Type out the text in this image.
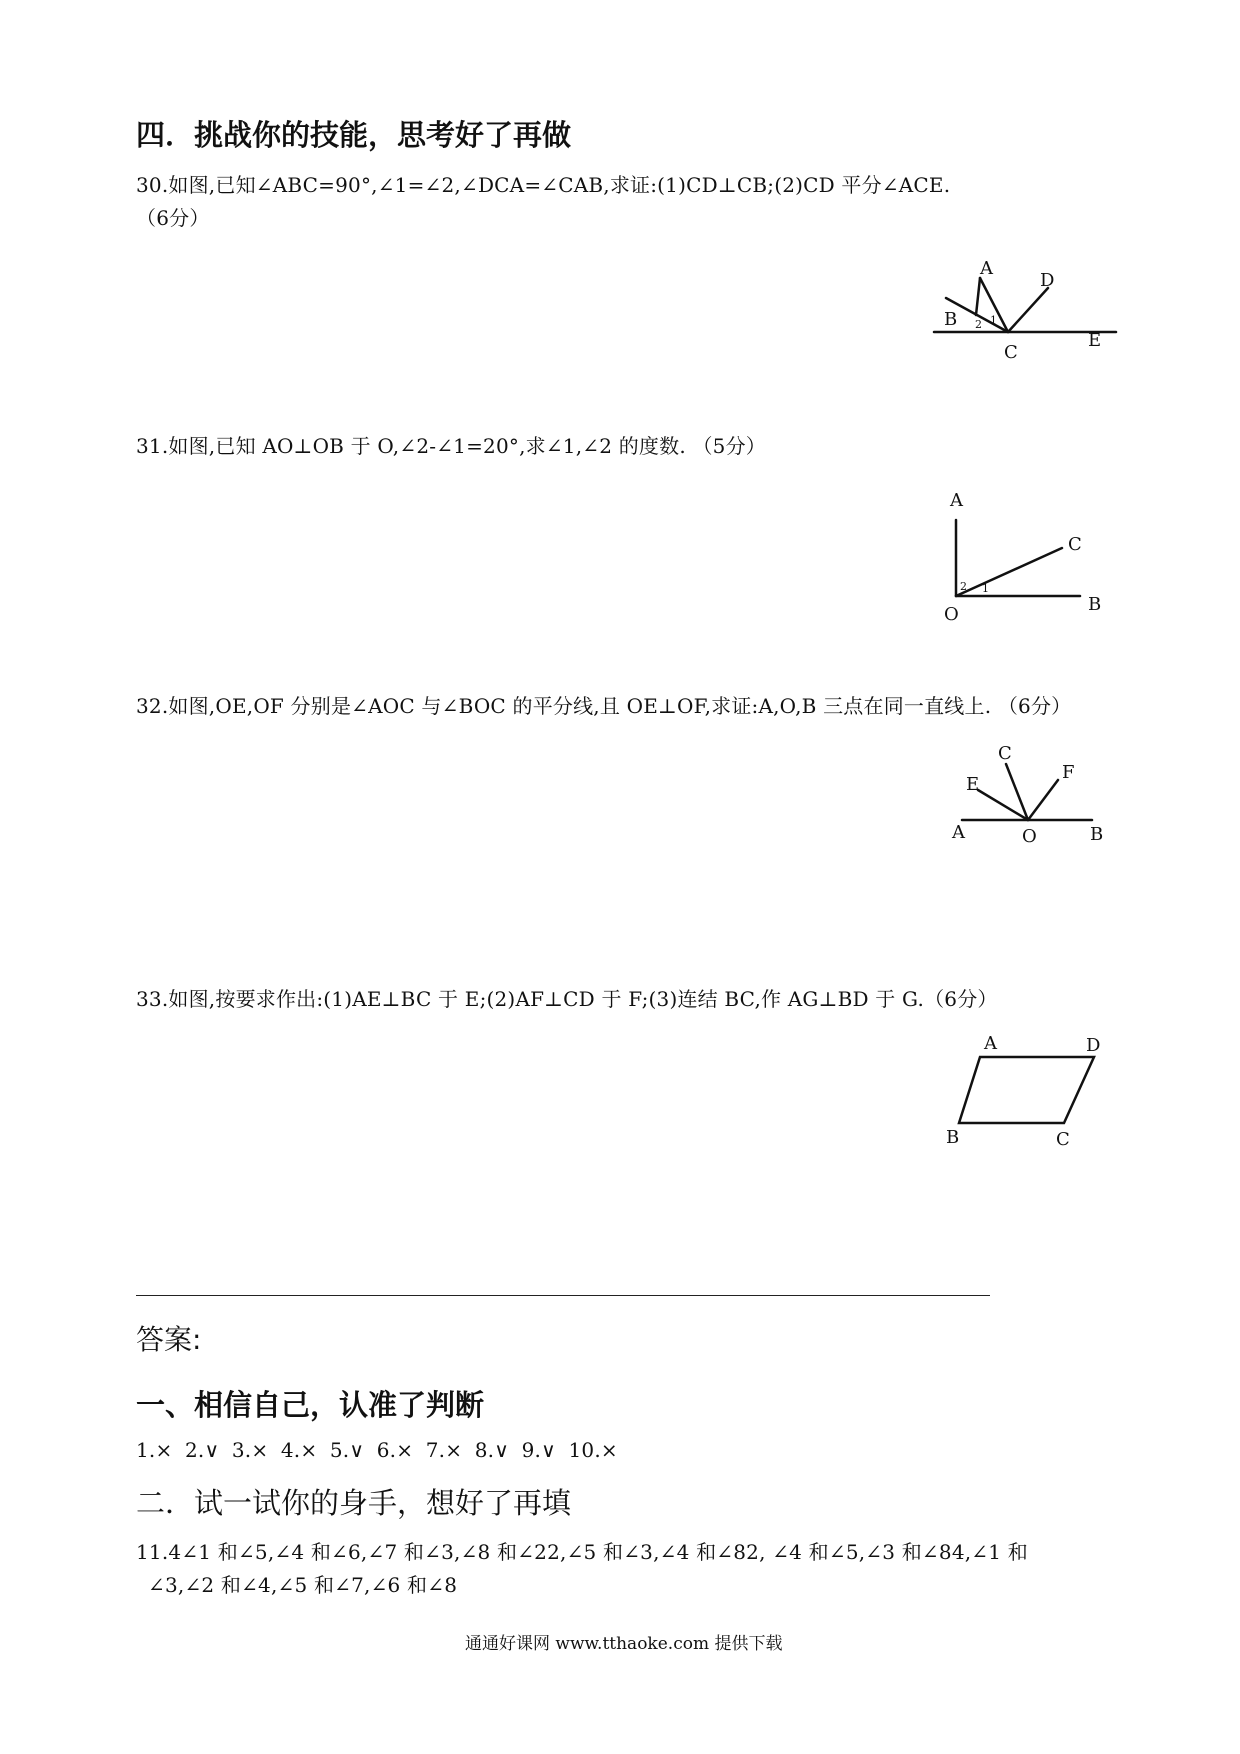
四．挑战你的技能，思考好了再做
30.如图,已知∠ABC=90°,∠1=∠2,∠DCA=∠CAB,求证:(1)CD⊥CB;(2)CD 平分∠ACE.
（6分）
A
B
C
D
E
1
2
31.如图,已知 AO⊥OB 于 O,∠2-∠1=20°,求∠1,∠2 的度数. （5分）
A
O
C
B
2 1
32.如图,OE,OF 分别是∠AOC 与∠BOC 的平分线,且 OE⊥OF,求证:A,O,B 三点在同一直线上. （6分）
C
E
F
A	O	B
33.如图,按要求作出:(1)AE⊥BC 于 E;(2)AF⊥CD 于 F;(3)连结 BC,作 AG⊥BD 于 G.（6分）
A	D
B	C
答案:
一、相信自己，认准了判断
1.× 2.∨ 3.× 4.× 5.∨ 6.× 7.× 8.∨ 9.∨ 10.×
二．试一试你的身手，想好了再填
11.4∠1 和∠5,∠4 和∠6,∠7 和∠3,∠8 和∠22,∠5 和∠3,∠4 和∠82, ∠4 和∠5,∠3 和∠84,∠1 和
∠3,∠2 和∠4,∠5 和∠7,∠6 和∠8
通通好课网 www.tthaoke.com 提供下载
